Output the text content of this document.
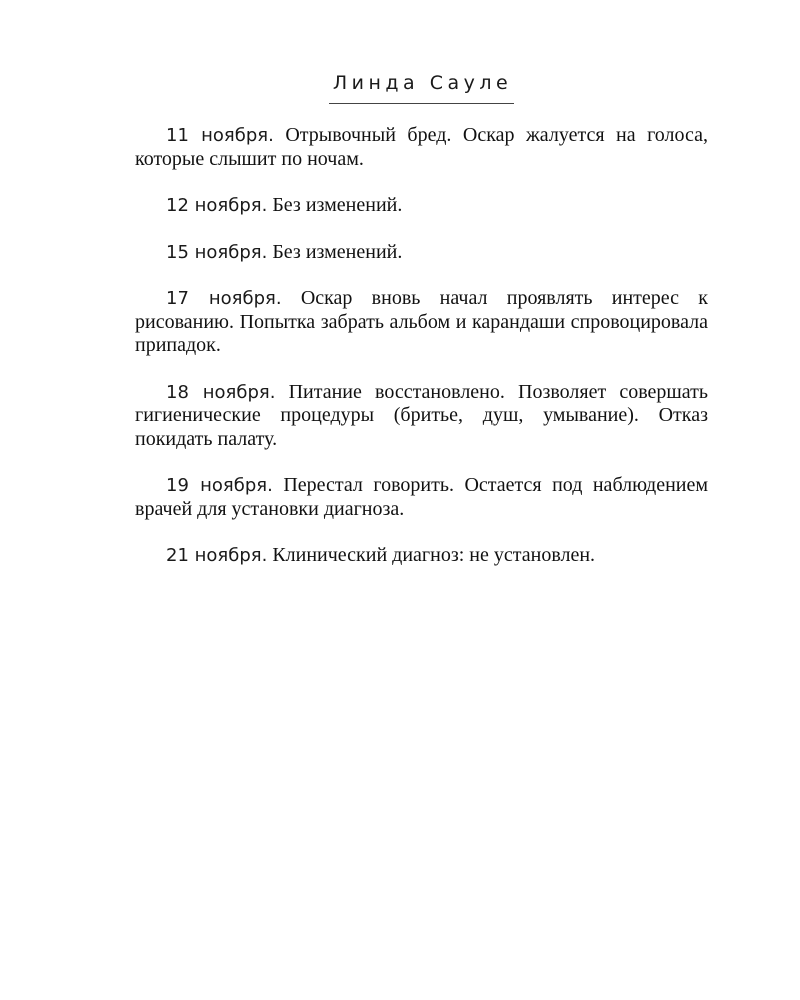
Линда Сауле

11 ноября. Отрывочный бред. Оскар жалуется на голоса, которые слышит по ночам.

12 ноября. Без изменений.

15 ноября. Без изменений.

17 ноября. Оскар вновь начал проявлять интерес к рисованию. Попытка забрать альбом и карандаши спровоцировала припадок.

18 ноября. Питание восстановлено. Позволяет совершать гигиенические процедуры (бритье, душ, умывание). Отказ покидать палату.

19 ноября. Перестал говорить. Остается под наблюдением врачей для установки диагноза.

21 ноября. Клинический диагноз: не установлен.
